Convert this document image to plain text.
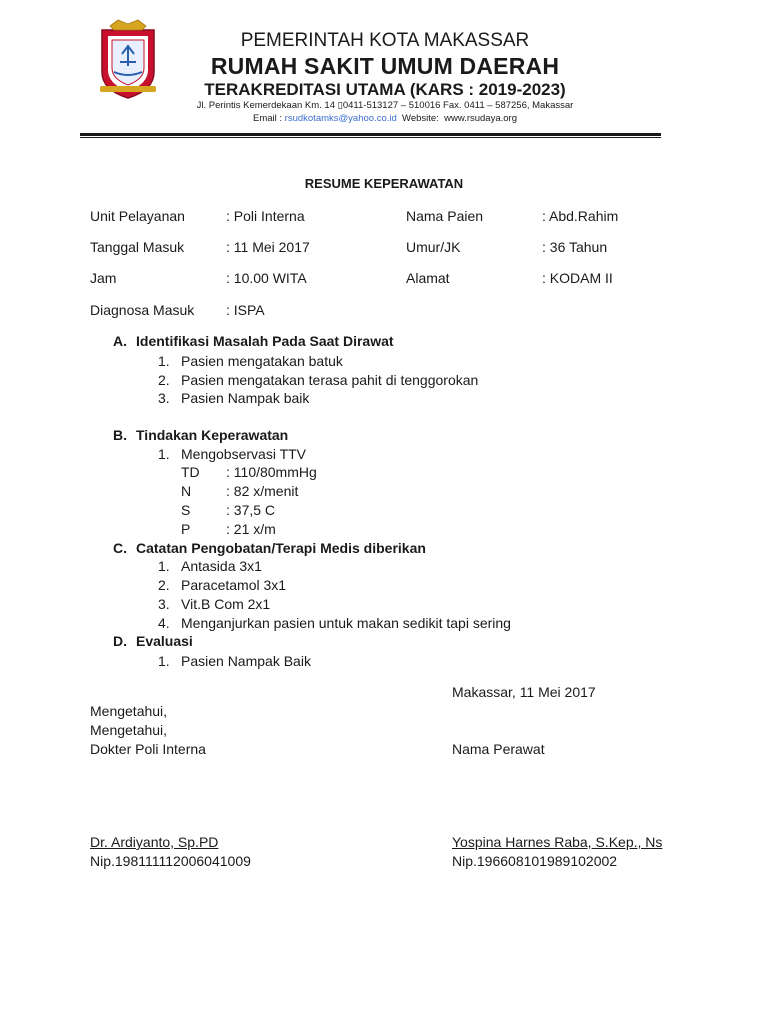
PEMERINTAH KOTA MAKASSAR
RUMAH SAKIT UMUM DAERAH
TERAKREDITASI UTAMA (KARS : 2019-2023)
Jl. Perintis Kemerdekaan Km. 14 ▯0411-513127 – 510016 Fax. 0411 – 587256, Makassar
Email : rsudkotamks@yahoo.co.id Website: www.rsudaya.org
RESUME KEPERAWATAN
Unit Pelayanan	: Poli Interna	Nama Paien	: Abd.Rahim
Tanggal Masuk	: 11 Mei 2017	Umur/JK	: 36 Tahun
Jam	: 10.00 WITA	Alamat	: KODAM II
Diagnosa Masuk : ISPA
A. Identifikasi Masalah Pada Saat Dirawat
1. Pasien mengatakan batuk
2. Pasien mengatakan terasa pahit di tenggorokan
3. Pasien Nampak baik
B. Tindakan Keperawatan
1. Mengobservasi TTV
TD : 110/80mmHg
N : 82 x/menit
S	: 37,5 C
P	: 21 x/m
C. Catatan Pengobatan/Terapi Medis diberikan
1. Antasida 3x1
2. Paracetamol 3x1
3. Vit.B Com 2x1
4. Menganjurkan pasien untuk makan sedikit tapi sering
D. Evaluasi
1. Pasien Nampak Baik
Makassar, 11 Mei 2017
Mengetahui,
Mengetahui,
Dokter Poli Interna	Nama Perawat
Dr. Ardiyanto, Sp.PD
Nip.198111112006041009
Yospina Harnes Raba, S.Kep., Ns
Nip.196608101989102002
